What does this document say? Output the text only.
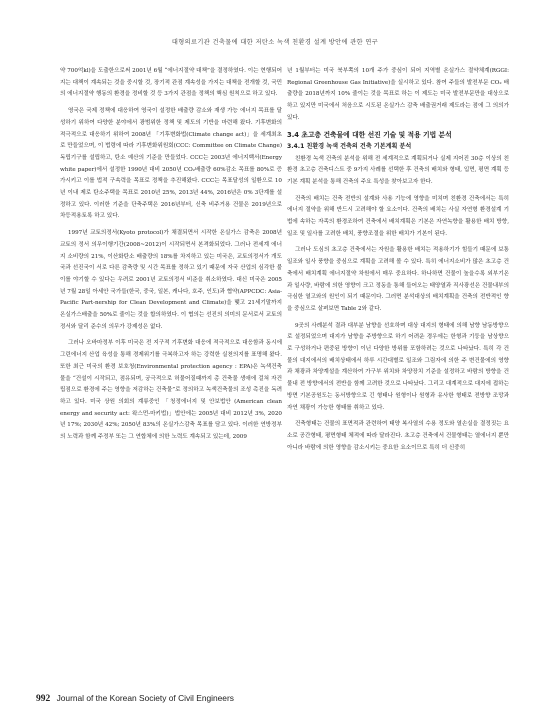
대형의료기관 건축물에 대한 저탄소 녹색 친환경 설계 방안에 관한 연구

약 700억kl)을 도출한으로써 2001년 6월 “에너지절약 대책”을 결정하였다. 이는 현행되어지는 대책이 계속되는 것을 중시할 것, 장기적 관점 계속성을 가지는 대책을 전개할 것, 국민의 에너지절약 행동의 환경을 정비할 것 등 3가지 관점을 정책의 핵심 원칙으로 하고 있다.

영국은 국제 정책에 대응하여 영국이 설정한 배출량 감소와 재생 가능 에너지 목표를 달성하기 위하여 다양한 분야에서 광범위한 정책 및 제도의 기반을 마련해 왔다. 기후변화의 적극적으로 대응하기 위하여 2008년 「기후변화법(Climate change act)」을 세계최초로 만들었으며, 이 법령에 따라 기후변화위원회(CCC: Committee on Climate Change) 독립기구를 설립하고, 탄소 예산의 기준을 만들었다. CCC는 2003년 에너지백서(Energy white paper)에서 설정한 1990년 대비 2050년 CO₂배출량 60%감소 목표를 80%로 증가시키고 이를 법적 구속력을 목표로 정책을 추진해왔다. CCC는 목표달성의 일환으로 10년 이내 제로 탄소주택을 목표로 2010년 25%, 2013년 44%, 2016년은 0% 3단계를 설정하고 있다. 이러한 기준을 단축주택은 2016년부터, 신축 비주거용 건물은 2019년으로 차등적용토록 하고 있다.

1997년 교토의정서(Kyoto protocol)가 채결되면서 시작한 온실가스 감축은 2008년 교토의 정서 의무이행기간(2008~2012)이 시작되면서 본격화되었다. 그러나 전세계 에너지 소비량의 21%, 이산화탄소 배출량의 18%를 차지하고 있는 미국은, 교토의정서가 개도국과 선진국이 서로 다른 감축량 및 시간 목표를 정하고 있기 때문에 자국 산업의 심각한 불이를 야기할 수 있다는 우려로 2001년 교토의정서 비준을 취소하였다. 대신 미국은 2005년 7월 28일 아세안 국가들(한국, 중국, 일본, 캐나다, 호주, 인도)과 협약(APPCDC: Asia-Pacific Part-nership for Clean Development and Climate)을 맺고 21세기말까지 온실가스배출을 50%로 줄이는 것을 합의하였다. 이 협의는 선진의 의미의 문서로서 교토의정서와 달리 준수의 의무가 강제성은 없다.

그러나 오바마정부 이후 미국은 전 지구적 기후변화 대응에 적극적으로 대응함과 동시에 그린에너지 산업 육성을 통해 경제위기를 극복하고자 하는 강력한 실천의지를 표명해 왔다. 또한 최근 미국의 환경 보호청(Environmental protection agency : EPA)은 녹색건축물을 “건설이 시작되고, 점유되며, 궁극적으로 허물어질때까지 총 건축물 생애에 걸쳐 자건립점으로 환경에 주는 영향을 저감하는 건축물”로 정의하고 녹색건축물의 조성 촉진을 독려하고 있다. 미국 상원 의회의 계류중인 「청정에너지 및 안보법안 (American clean energy and security act: 왁스먼-마키법)」법안에는 2005년 대비 2012년 3%, 2020년 17%; 2030년 42%; 2050년 83%의 온실가스감축 목표를 담고 있다. 이러한 연방정부의 노력과 함께 주정부 또는 그 연합체에 의한 노력도 계속되고 있는데, 2009

년 1월부터는 미국 북부쪽의 10개 주가 중심이 되어 지역별 온실가스 절약체계(RGGI: Regional Greenhouse Gas Initiative)을 실시하고 있다. 참여 주들의 발전부문 CO₂ 배출량을 2018년까지 10% 줄이는 것을 목표로 하는 이 제도는 미국 발전부문만을 대상으로 하고 있지만 미국에서 처음으로 시도된 온실가스 감축 배출권거래 제도라는 점에 그 의의가 있다.

3.4 초고층 건축물에 대한 선진 기술 및 적용 기법 분석

3.4.1 친환경 녹색 건축의 건축 기본계획 분석

친환경 녹색 건축의 분석을 위해 전 세계적으로 계획되거나 실제 지어진 30층 이상의 친환경 초고층 건축디스트 중 9가지 사례를 선택한 후 건축의 배치와 형태, 입면, 평면 계획 등 기본 계획 분석을 통해 건축의 주요 특성을 찾아보고자 한다.

건축의 배치는 건축 전반의 설계와 사용 기능에 영향을 미치며 친환경 건축에서는 특히 에너지 절약을 위해 반드시 고려해야 할 요소이다. 건축의 배치는 사실 자연형 환경설계 기법에 속하는 자족의 환경조하여 건축에서 배치계획은 기본은 자연녹향을 활용한 배치 방향, 일조 및 일사를 고려한 배치, 풍향조절을 위한 배치가 기본이 된다.

그러나 도심의 초고층 건축에서는 자원을 활용한 배치는 적용하기가 힘들기 때문에 보통 일조와 일사 풍향을 중심으로 계획을 고려해 볼 수 있다. 특히 에너지소비가 많은 초고층 건축에서 배치계획 에너지절약 차원에서 매우 중요하다. 하나하면 건물이 높을수록 외부기온과 일사량, 바람에 의한 영향이 크고 정동을 통해 들어오는 태양열과 직사광선은 건물내부의 극심한 열고와의 원인이 되기 때문이다. 그러면 분석대상의 배치계획을 건축의 전반적인 향을 중심으로 살펴보면 Table 2와 같다.

9곳의 사례분석 결과 대부분 남향을 선호하며 대상 대지의 형태에 의해 남향 남동방향으로 설정되었으며 대지가 남향을 주방향으로 하기 어려운 경우에는 한형과 기둥을 남상향으로 구성하거나 편중된 방향이 이닌 다양한 방위를 포함하려는 것으로 나타났다. 특히 각 건물의 대지에서의 배치상태에서 하루 시간대별로 일조와 그림자에 의한 주 변건물에의 영향과 채광과 차양계설을 계산하여 가구부 위치와 차양장치 기준을 설정하고 바람의 방향을 건물내 전 방향에서의 전반을 함께 고려한 것으로 나타났다. 그리고 대계적으로 대지에 접하는 방면 기본공원도는 동서방향으로 긴 형태나 원형이나 원형과 유사한 형태로 전방향 조망과 자연 채광이 가능한 형태를 취하고 있다.

건축형태는 건물의 표면적과 관련하여 태양 복사열의 수용 정도와 열손실을 결정짓는 요소로 공간형태, 평면형태 체적에 따라 달라진다. 초고층 건축에서 건물형태는 열에너지 뿐만 아니라 바람에 의한 영향을 감소시키는 중요한 요소이므로 특히 더 신중히

992 Journal of the Korean Society of Civil Engineers
